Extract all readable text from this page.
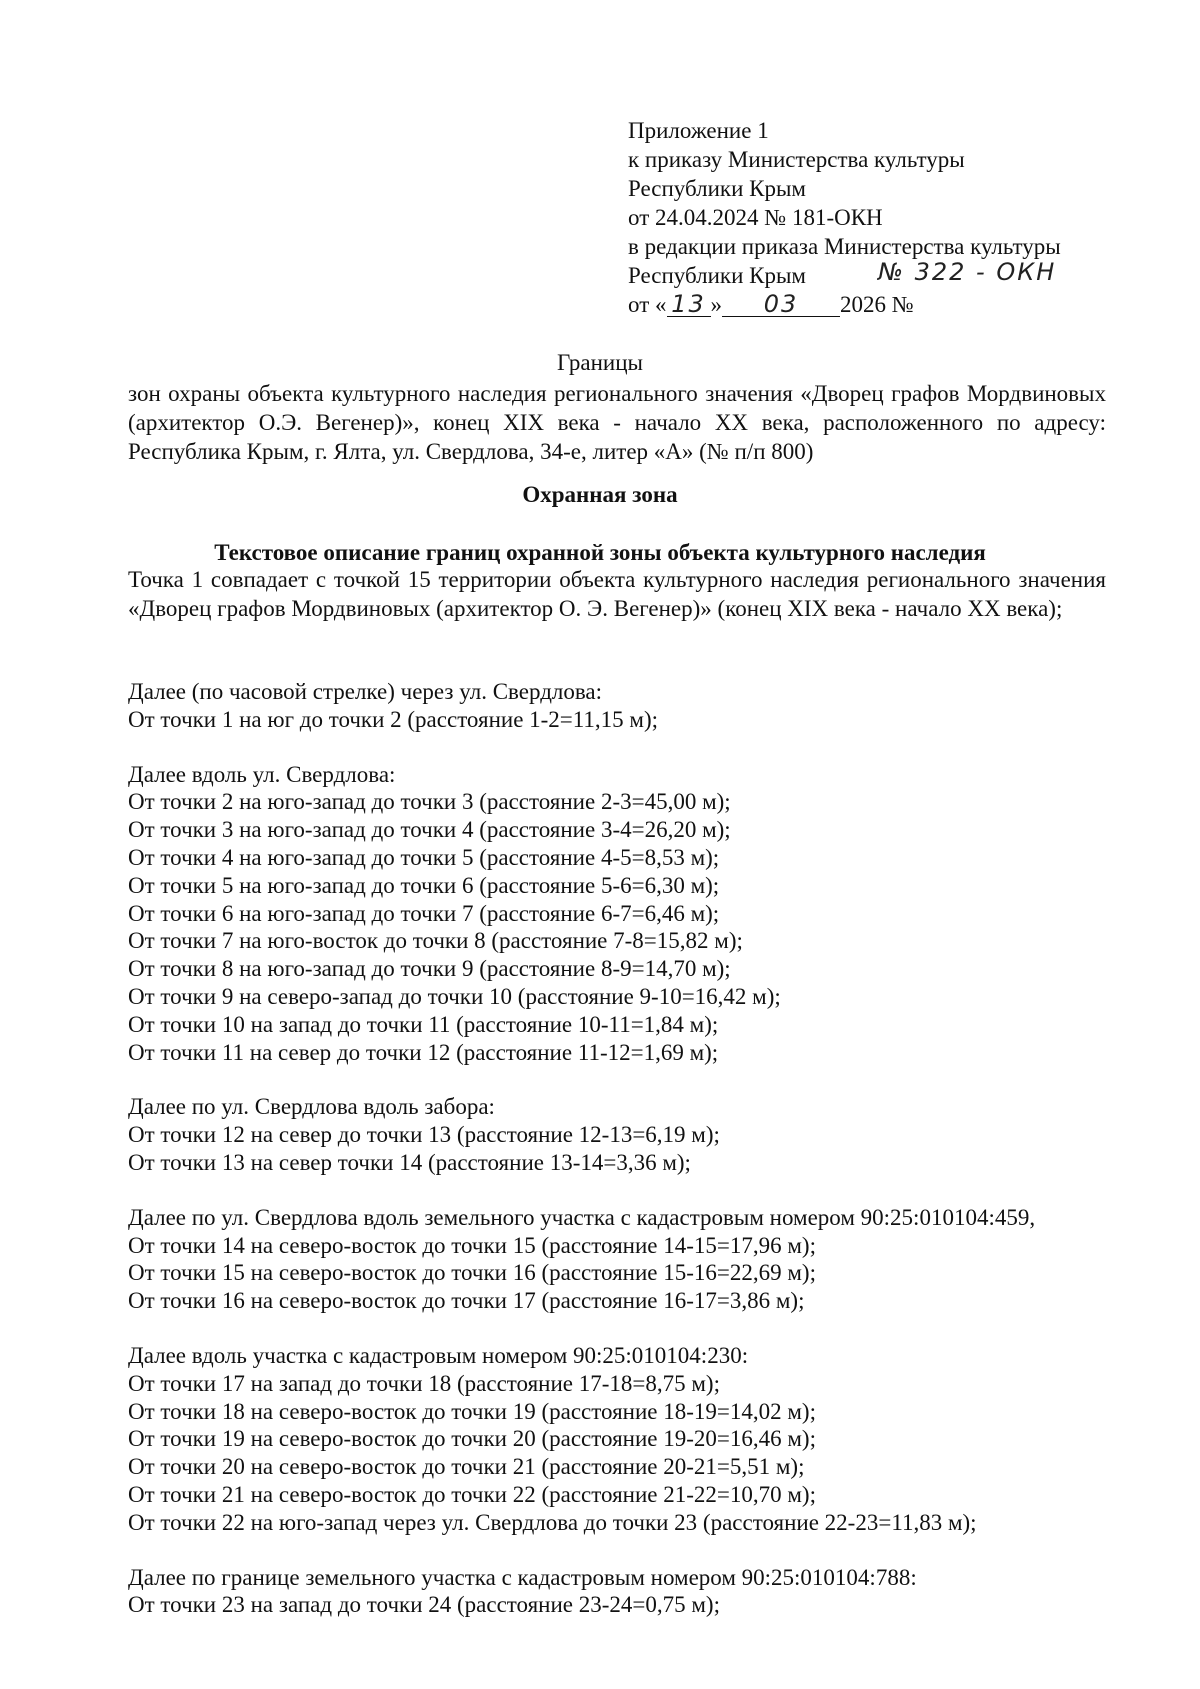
Приложение 1
к приказу Министерства культуры
Республики Крым
от 24.04.2024 № 181-ОКН
в редакции приказа Министерства культуры
Республики Крым	№ 322 - ОКН
от « 13 » 03 2026 №
Границы
зон охраны объекта культурного наследия регионального значения «Дворец графов Мордвиновых (архитектор О.Э. Вегенер)», конец XIX века - начало XX века, расположенного по адресу: Республика Крым, г. Ялта, ул. Свердлова, 34-е, литер «А» (№ п/п 800)
Охранная зона
Текстовое описание границ охранной зоны объекта культурного наследия
Точка 1 совпадает с точкой 15 территории объекта культурного наследия регионального значения «Дворец графов Мордвиновых (архитектор О. Э. Вегенер)» (конец XIX века - начало XX века);
Далее (по часовой стрелке) через ул. Свердлова:
От точки 1 на юг до точки 2 (расстояние 1-2=11,15 м);
Далее вдоль ул. Свердлова:
От точки 2 на юго-запад до точки 3 (расстояние 2-3=45,00 м);
От точки 3 на юго-запад до точки 4 (расстояние 3-4=26,20 м);
От точки 4 на юго-запад до точки 5 (расстояние 4-5=8,53 м);
От точки 5 на юго-запад до точки 6 (расстояние 5-6=6,30 м);
От точки 6 на юго-запад до точки 7 (расстояние 6-7=6,46 м);
От точки 7 на юго-восток до точки 8 (расстояние 7-8=15,82 м);
От точки 8 на юго-запад до точки 9 (расстояние 8-9=14,70 м);
От точки 9 на северо-запад до точки 10 (расстояние 9-10=16,42 м);
От точки 10 на запад до точки 11 (расстояние 10-11=1,84 м);
От точки 11 на север до точки 12 (расстояние 11-12=1,69 м);
Далее по ул. Свердлова вдоль забора:
От точки 12 на север до точки 13 (расстояние 12-13=6,19 м);
От точки 13 на север точки 14 (расстояние 13-14=3,36 м);
Далее по ул. Свердлова вдоль земельного участка с кадастровым номером 90:25:010104:459,
От точки 14 на северо-восток до точки 15 (расстояние 14-15=17,96 м);
От точки 15 на северо-восток до точки 16 (расстояние 15-16=22,69 м);
От точки 16 на северо-восток до точки 17 (расстояние 16-17=3,86 м);
Далее вдоль участка с кадастровым номером 90:25:010104:230:
От точки 17 на запад до точки 18 (расстояние 17-18=8,75 м);
От точки 18 на северо-восток до точки 19 (расстояние 18-19=14,02 м);
От точки 19 на северо-восток до точки 20 (расстояние 19-20=16,46 м);
От точки 20 на северо-восток до точки 21 (расстояние 20-21=5,51 м);
От точки 21 на северо-восток до точки 22 (расстояние 21-22=10,70 м);
От точки 22 на юго-запад через ул. Свердлова до точки 23 (расстояние 22-23=11,83 м);
Далее по границе земельного участка с кадастровым номером 90:25:010104:788:
От точки 23 на запад до точки 24 (расстояние 23-24=0,75 м);
